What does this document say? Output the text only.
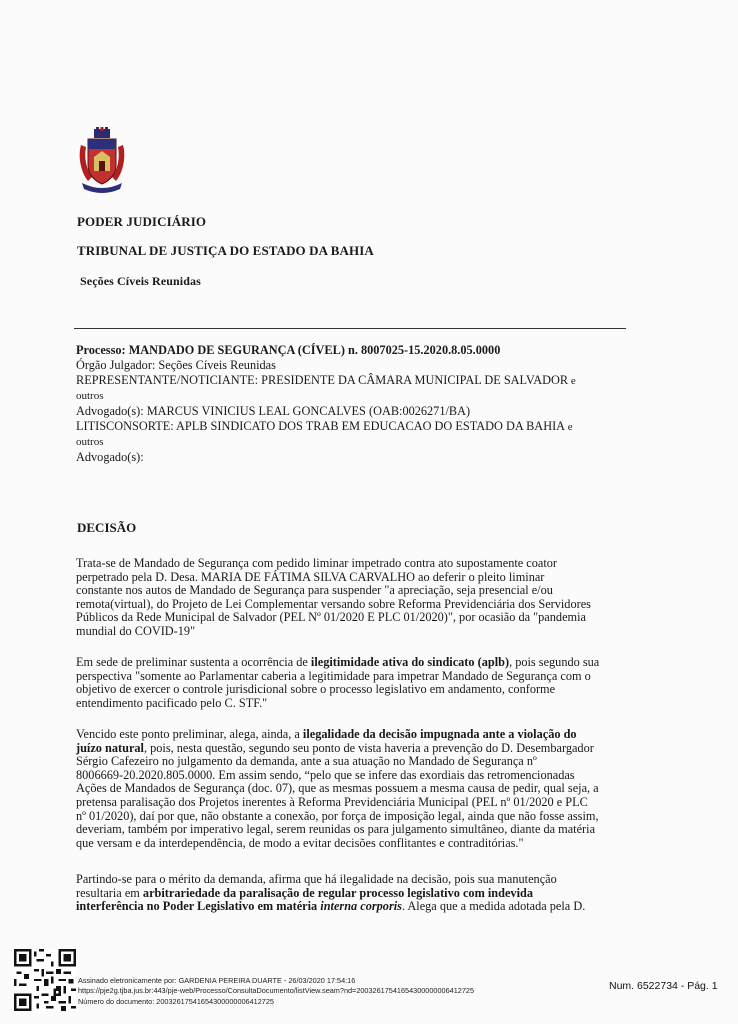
PODER JUDICIÁRIO
TRIBUNAL DE JUSTIÇA DO ESTADO DA BAHIA
Seções Cíveis Reunidas
Processo: MANDADO DE SEGURANÇA (CÍVEL) n. 8007025-15.2020.8.05.0000
Órgão Julgador: Seções Cíveis Reunidas
REPRESENTANTE/NOTICIANTE: PRESIDENTE DA CÂMARA MUNICIPAL DE SALVADOR e
outros
Advogado(s): MARCUS VINICIUS LEAL GONCALVES (OAB:0026271/BA)
LITISCONSORTE: APLB SINDICATO DOS TRAB EM EDUCACAO DO ESTADO DA BAHIA e
outros
Advogado(s):
DECISÃO
Trata-se de Mandado de Segurança com pedido liminar impetrado contra ato supostamente coator
perpetrado pela D. Desa. MARIA DE FÁTIMA SILVA CARVALHO ao deferir o pleito liminar
constante nos autos de Mandado de Segurança para suspender "a apreciação, seja presencial e/ou
remota(virtual), do Projeto de Lei Complementar versando sobre Reforma Previdenciária dos Servidores
Públicos da Rede Municipal de Salvador (PEL Nº 01/2020 E PLC 01/2020)", por ocasião da "pandemia
mundial do COVID-19"
Em sede de preliminar sustenta a ocorrência de ilegitimidade ativa do sindicato (aplb), pois segundo sua
perspectiva "somente ao Parlamentar caberia a legitimidade para impetrar Mandado de Segurança com o
objetivo de exercer o controle jurisdicional sobre o processo legislativo em andamento, conforme
entendimento pacificado pelo C. STF."
Vencido este ponto preliminar, alega, ainda, a ilegalidade da decisão impugnada ante a violação do
juízo natural, pois, nesta questão, segundo seu ponto de vista haveria a prevenção do D. Desembargador
Sérgio Cafezeiro no julgamento da demanda, ante a sua atuação no Mandado de Segurança nº
8006669-20.2020.805.0000. Em assim sendo, “pelo que se infere das exordiais das retromencionadas
Ações de Mandados de Segurança (doc. 07), que as mesmas possuem a mesma causa de pedir, qual seja, a
pretensa paralisação dos Projetos inerentes à Reforma Previdenciária Municipal (PEL nº 01/2020 e PLC
nº 01/2020), daí por que, não obstante a conexão, por força de imposição legal, ainda que não fosse assim,
deveriam, também por imperativo legal, serem reunidas os para julgamento simultâneo, diante da matéria
que versam e da interdependência, de modo a evitar decisões conflitantes e contraditórias."
Partindo-se para o mérito da demanda, afirma que há ilegalidade na decisão, pois sua manutenção
resultaria em arbitrariedade da paralisação de regular processo legislativo com indevida
interferência no Poder Legislativo em matéria interna corporis. Alega que a medida adotada pela D.
Assinado eletronicamente por: GARDENIA PEREIRA DUARTE - 26/03/2020 17:54:16
https://pje2g.tjba.jus.br:443/pje-web/Processo/ConsultaDocumento/listView.seam?nd=20032617541654300000006412725
Número do documento: 20032617541654300000006412725
Num. 6522734 - Pág. 1
